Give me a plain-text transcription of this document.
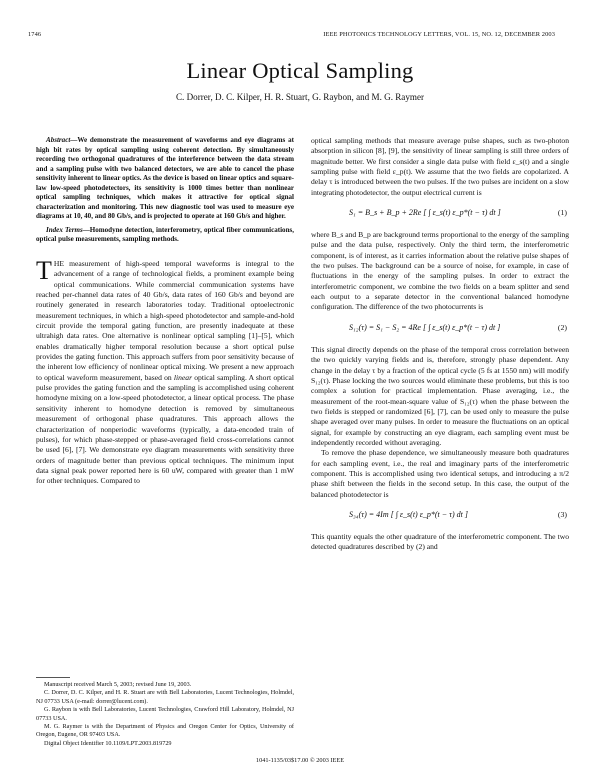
1746	IEEE PHOTONICS TECHNOLOGY LETTERS, VOL. 15, NO. 12, DECEMBER 2003
Linear Optical Sampling
C. Dorrer, D. C. Kilper, H. R. Stuart, G. Raybon, and M. G. Raymer

Abstract—We demonstrate the measurement of waveforms and eye diagrams at high bit rates by optical sampling using coherent detection. By simultaneously recording two orthogonal quadratures of the interference between the data stream and a sampling pulse with two balanced detectors, we are able to cancel the phase sensitivity inherent to linear optics. As the device is based on linear optics and square-law low-speed photodetectors, its sensitivity is 1000 times better than nonlinear optical sampling techniques, which makes it attractive for optical signal characterization and monitoring. This new diagnostic tool was used to measure eye diagrams at 10, 40, and 80 Gb/s, and is projected to operate at 160 Gb/s and higher.

Index Terms—Homodyne detection, interferometry, optical fiber communications, optical pulse measurements, sampling methods.

THE measurement of high-speed temporal waveforms is integral to the advancement of a range of technological fields, a prominent example being optical communications. While commercial communication systems have reached per-channel data rates of 40 Gb/s, data rates of 160 Gb/s and beyond are routinely generated in research laboratories today. Traditional optoelectronic measurement techniques, in which a high-speed photodetector and sample-and-hold circuit provide the temporal gating function, are presently inadequate at these ultrahigh data rates. One alternative is nonlinear optical sampling [1]–[5], which enables dramatically higher temporal resolution because a short optical pulse provides the gating function. This approach suffers from poor sensitivity because of the inherent low efficiency of nonlinear optical mixing. We present a new approach to optical waveform measurement, based on linear optical sampling. A short optical pulse provides the gating function and the sampling is accomplished using coherent homodyne mixing on a low-speed photodetector, a linear optical process. The phase sensitivity inherent to homodyne detection is removed by simultaneous measurement of orthogonal phase quadratures. This approach allows the characterization of nonperiodic waveforms (typically, a data-encoded train of pulses), for which phase-stepped or phase-averaged field cross-correlations cannot be used [6], [7]. We demonstrate eye diagram measurements with sensitivity three orders of magnitude better than previous optical techniques. The minimum input data signal peak power reported here is 60 uW, compared with greater than 1 mW for other techniques. Compared to

Manuscript received March 5, 2003; revised June 19, 2003.

C. Dorrer, D. C. Kilper, and H. R. Stuart are with Bell Laboratories, Lucent Technologies, Holmdel, NJ 07733 USA (e-mail: dorrer@lucent.com).

G. Raybon is with Bell Laboratories, Lucent Technologies, Crawford Hill Laboratory, Holmdel, NJ 07733 USA.

M. G. Raymer is with the Department of Physics and Oregon Center for Optics, University of Oregon, Eugene, OR 97403 USA.

Digital Object Identifier 10.1109/LPT.2003.819729

optical sampling methods that measure average pulse shapes, such as two-photon absorption in silicon [8], [9], the sensitivity of linear sampling is still three orders of magnitude better. We first consider a single data pulse with field ε_s(t) and a single sampling pulse with field ε_p(t). We assume that the two fields are copolarized. A delay τ is introduced between the two pulses. If the two pulses are incident on a slow integrating photodetector, the output electrical current is

S₁ = B_s + B_p + 2Re [ ∫ ε_s(t) ε_p*(t − τ) dt ]	(1)

where B_s and B_p are background terms proportional to the energy of the sampling pulse and the data pulse, respectively. Only the third term, the interferometric component, is of interest, as it carries information about the relative pulse shapes of the two pulses. The background can be a source of noise, for example, in case of fluctuations in the energy of the sampling pulses. In order to extract the interferometric component, we combine the two fields on a beam splitter and send each output to a separate detector in the conventional balanced homodyne configuration. The difference of the two photocurrents is

S₁₂(τ) = S₁ − S₂ = 4Re [ ∫ ε_s(t) ε_p*(t − τ) dt ]	(2)

This signal directly depends on the phase of the temporal cross correlation between the two quickly varying fields and is, therefore, strongly phase dependent. Any change in the delay τ by a fraction of the optical cycle (5 fs at 1550 nm) will modify S₁₂(τ). Phase locking the two sources would eliminate these problems, but this is too complex a solution for practical implementation. Phase averaging, i.e., the measurement of the root-mean-square value of S₁₂(τ) when the phase between the two fields is stepped or randomized [6], [7], can be used only to measure the pulse shape averaged over many pulses. In order to measure the fluctuations on an optical signal, for example by constructing an eye diagram, each sampling event must be independently recorded without averaging.

To remove the phase dependence, we simultaneously measure both quadratures for each sampling event, i.e., the real and imaginary parts of the interferometric component. This is accomplished using two identical setups, and introducing a π/2 phase shift between the fields in the second setup. In this case, the output of the balanced photodetector is

S₃₄(τ) = 4Im [ ∫ ε_s(t) ε_p*(t − τ) dt ]	(3)

This quantity equals the other quadrature of the interferometric component. The two detected quadratures described by (2) and

1041-1135/03$17.00 © 2003 IEEE
